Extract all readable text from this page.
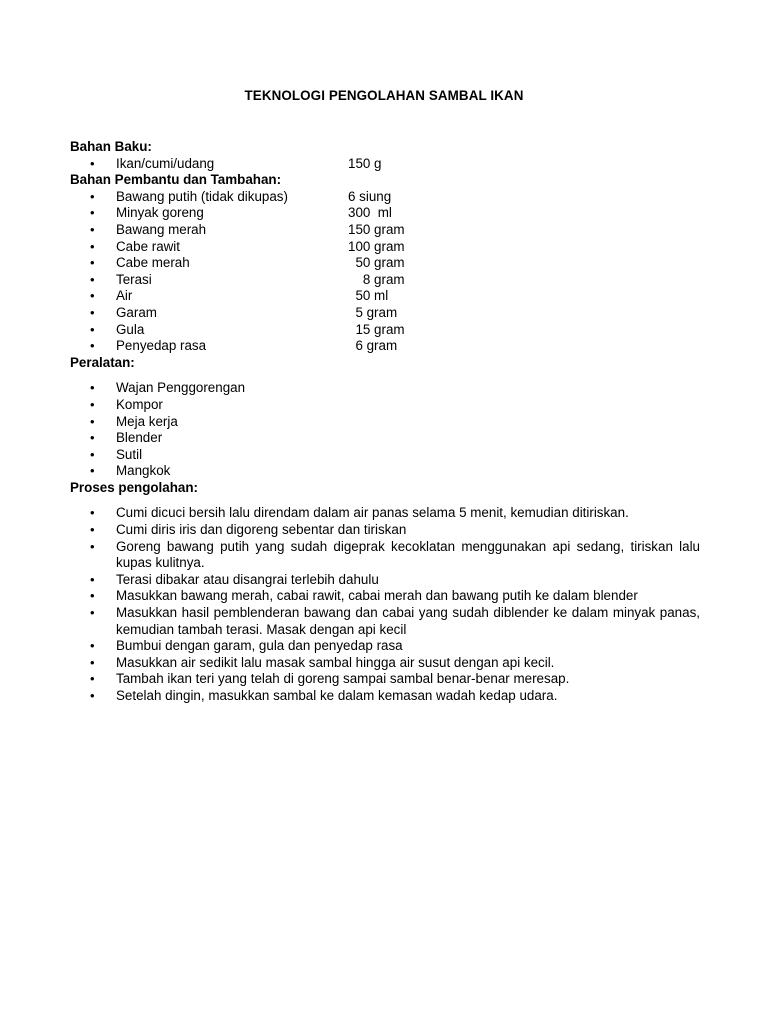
TEKNOLOGI PENGOLAHAN SAMBAL IKAN
Bahan Baku:
• Ikan/cumi/udang	150 g
Bahan Pembantu dan Tambahan:
• Bawang putih (tidak dikupas)	6 siung
• Minyak goreng	300  ml
• Bawang merah	150 gram
• Cabe rawit	100 gram
• Cabe merah	50 gram
• Terasi	8 gram
• Air	50 ml
• Garam	5 gram
• Gula	15 gram
• Penyedap rasa	6 gram
Peralatan:
• Wajan Penggorengan
• Kompor
• Meja kerja
• Blender
• Sutil
• Mangkok
Proses pengolahan:
• Cumi dicuci bersih lalu direndam dalam air panas selama 5 menit, kemudian ditiriskan.
• Cumi diris iris dan digoreng sebentar dan tiriskan
• Goreng bawang putih yang sudah digeprak kecoklatan menggunakan api sedang, tiriskan lalu kupas kulitnya.
• Terasi dibakar atau disangrai terlebih dahulu
• Masukkan bawang merah, cabai rawit, cabai merah dan bawang putih ke dalam blender
• Masukkan hasil pemblenderan bawang dan cabai yang sudah diblender ke dalam minyak panas, kemudian tambah terasi. Masak dengan api kecil
• Bumbui dengan garam, gula dan penyedap rasa
• Masukkan air sedikit lalu masak sambal hingga air susut dengan api kecil.
• Tambah ikan teri yang telah di goreng sampai sambal benar-benar meresap.
• Setelah dingin, masukkan sambal ke dalam kemasan wadah kedap udara.
